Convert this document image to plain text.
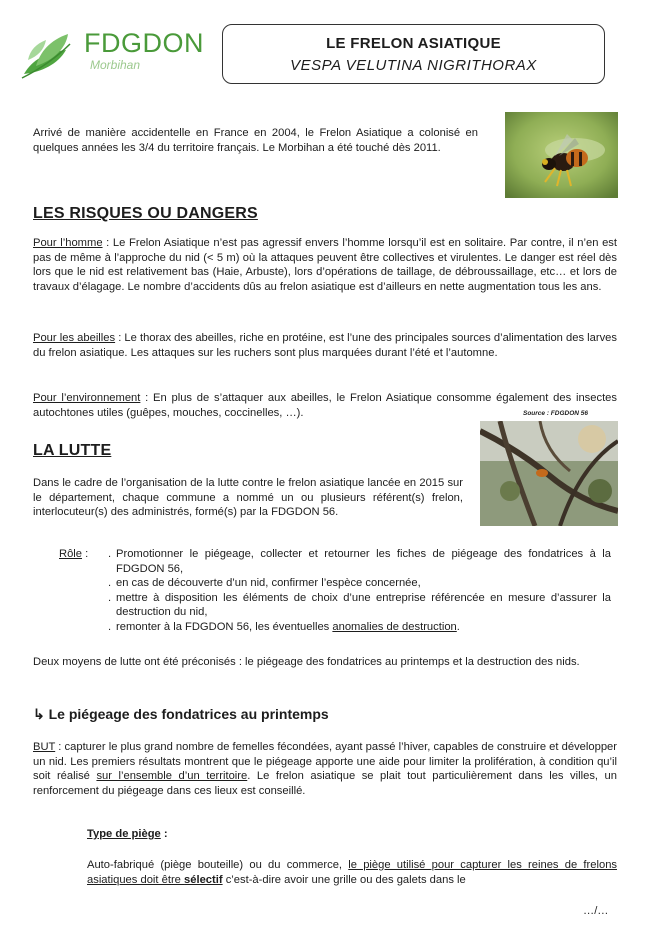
FDGDON
Morbihan
LE FRELON ASIATIQUE
VESPA VELUTINA NIGRITHORAX

Arrivé de manière accidentelle en France en 2004, le Frelon Asiatique a colonisé en quelques années les 3/4 du territoire français. Le Morbihan a été touché dès 2011.

LES RISQUES OU DANGERS

Pour l’homme : Le Frelon Asiatique n’est pas agressif envers l’homme lorsqu’il est en solitaire. Par contre, il n’en est pas de même à l’approche du nid (< 5 m) où la attaques peuvent être collectives et virulentes. Le danger est réel dès lors que le nid est relativement bas (Haie, Arbuste), lors d’opérations de taillage, de débroussaillage, etc… et lors de travaux d’élagage. Le nombre d’accidents dûs au frelon asiatique est d’ailleurs en nette augmentation tous les ans.

Pour les abeilles : Le thorax des abeilles, riche en protéine, est l’une des principales sources d’alimentation des larves du frelon asiatique. Les attaques sur les ruchers sont plus marquées durant l’été et l’automne.

Pour l’environnement : En plus de s’attaquer aux abeilles, le Frelon Asiatique consomme également des insectes autochtones utiles (guêpes, mouches, coccinelles, …).	Source : FDGDON 56
LA LUTTE

Dans le cadre de l’organisation de la lutte contre le frelon asiatique lancée en 2015 sur le département, chaque commune a nommé un ou plusieurs référent(s) frelon, interlocuteur(s) des administrés, formé(s) par la FDGDON 56.

Rôle : . Promotionner le piégeage, collecter et retourner les fiches de piégeage des fondatrices à la FDGDON 56,
. en cas de découverte d’un nid, confirmer l’espèce concernée,
. mettre à disposition les éléments de choix d’une entreprise référencée en mesure d’assurer la destruction du nid,
. remonter à la FDGDON 56, les éventuelles anomalies de destruction.

Deux moyens de lutte ont été préconisés : le piégeage des fondatrices au printemps et la destruction des nids.

↳ Le piégeage des fondatrices au printemps

BUT : capturer le plus grand nombre de femelles fécondées, ayant passé l’hiver, capables de construire et développer un nid. Les premiers résultats montrent que le piégeage apporte une aide pour limiter la prolifération, à condition qu’il soit réalisé sur l’ensemble d’un territoire. Le frelon asiatique se plait tout particulièrement dans les villes, un renforcement du piégeage dans ces lieux est conseillé.

Type de piège :

Auto-fabriqué (piège bouteille) ou du commerce, le piège utilisé pour capturer les reines de frelons asiatiques doit être sélectif c’est-à-dire avoir une grille ou des galets dans le

…/…
